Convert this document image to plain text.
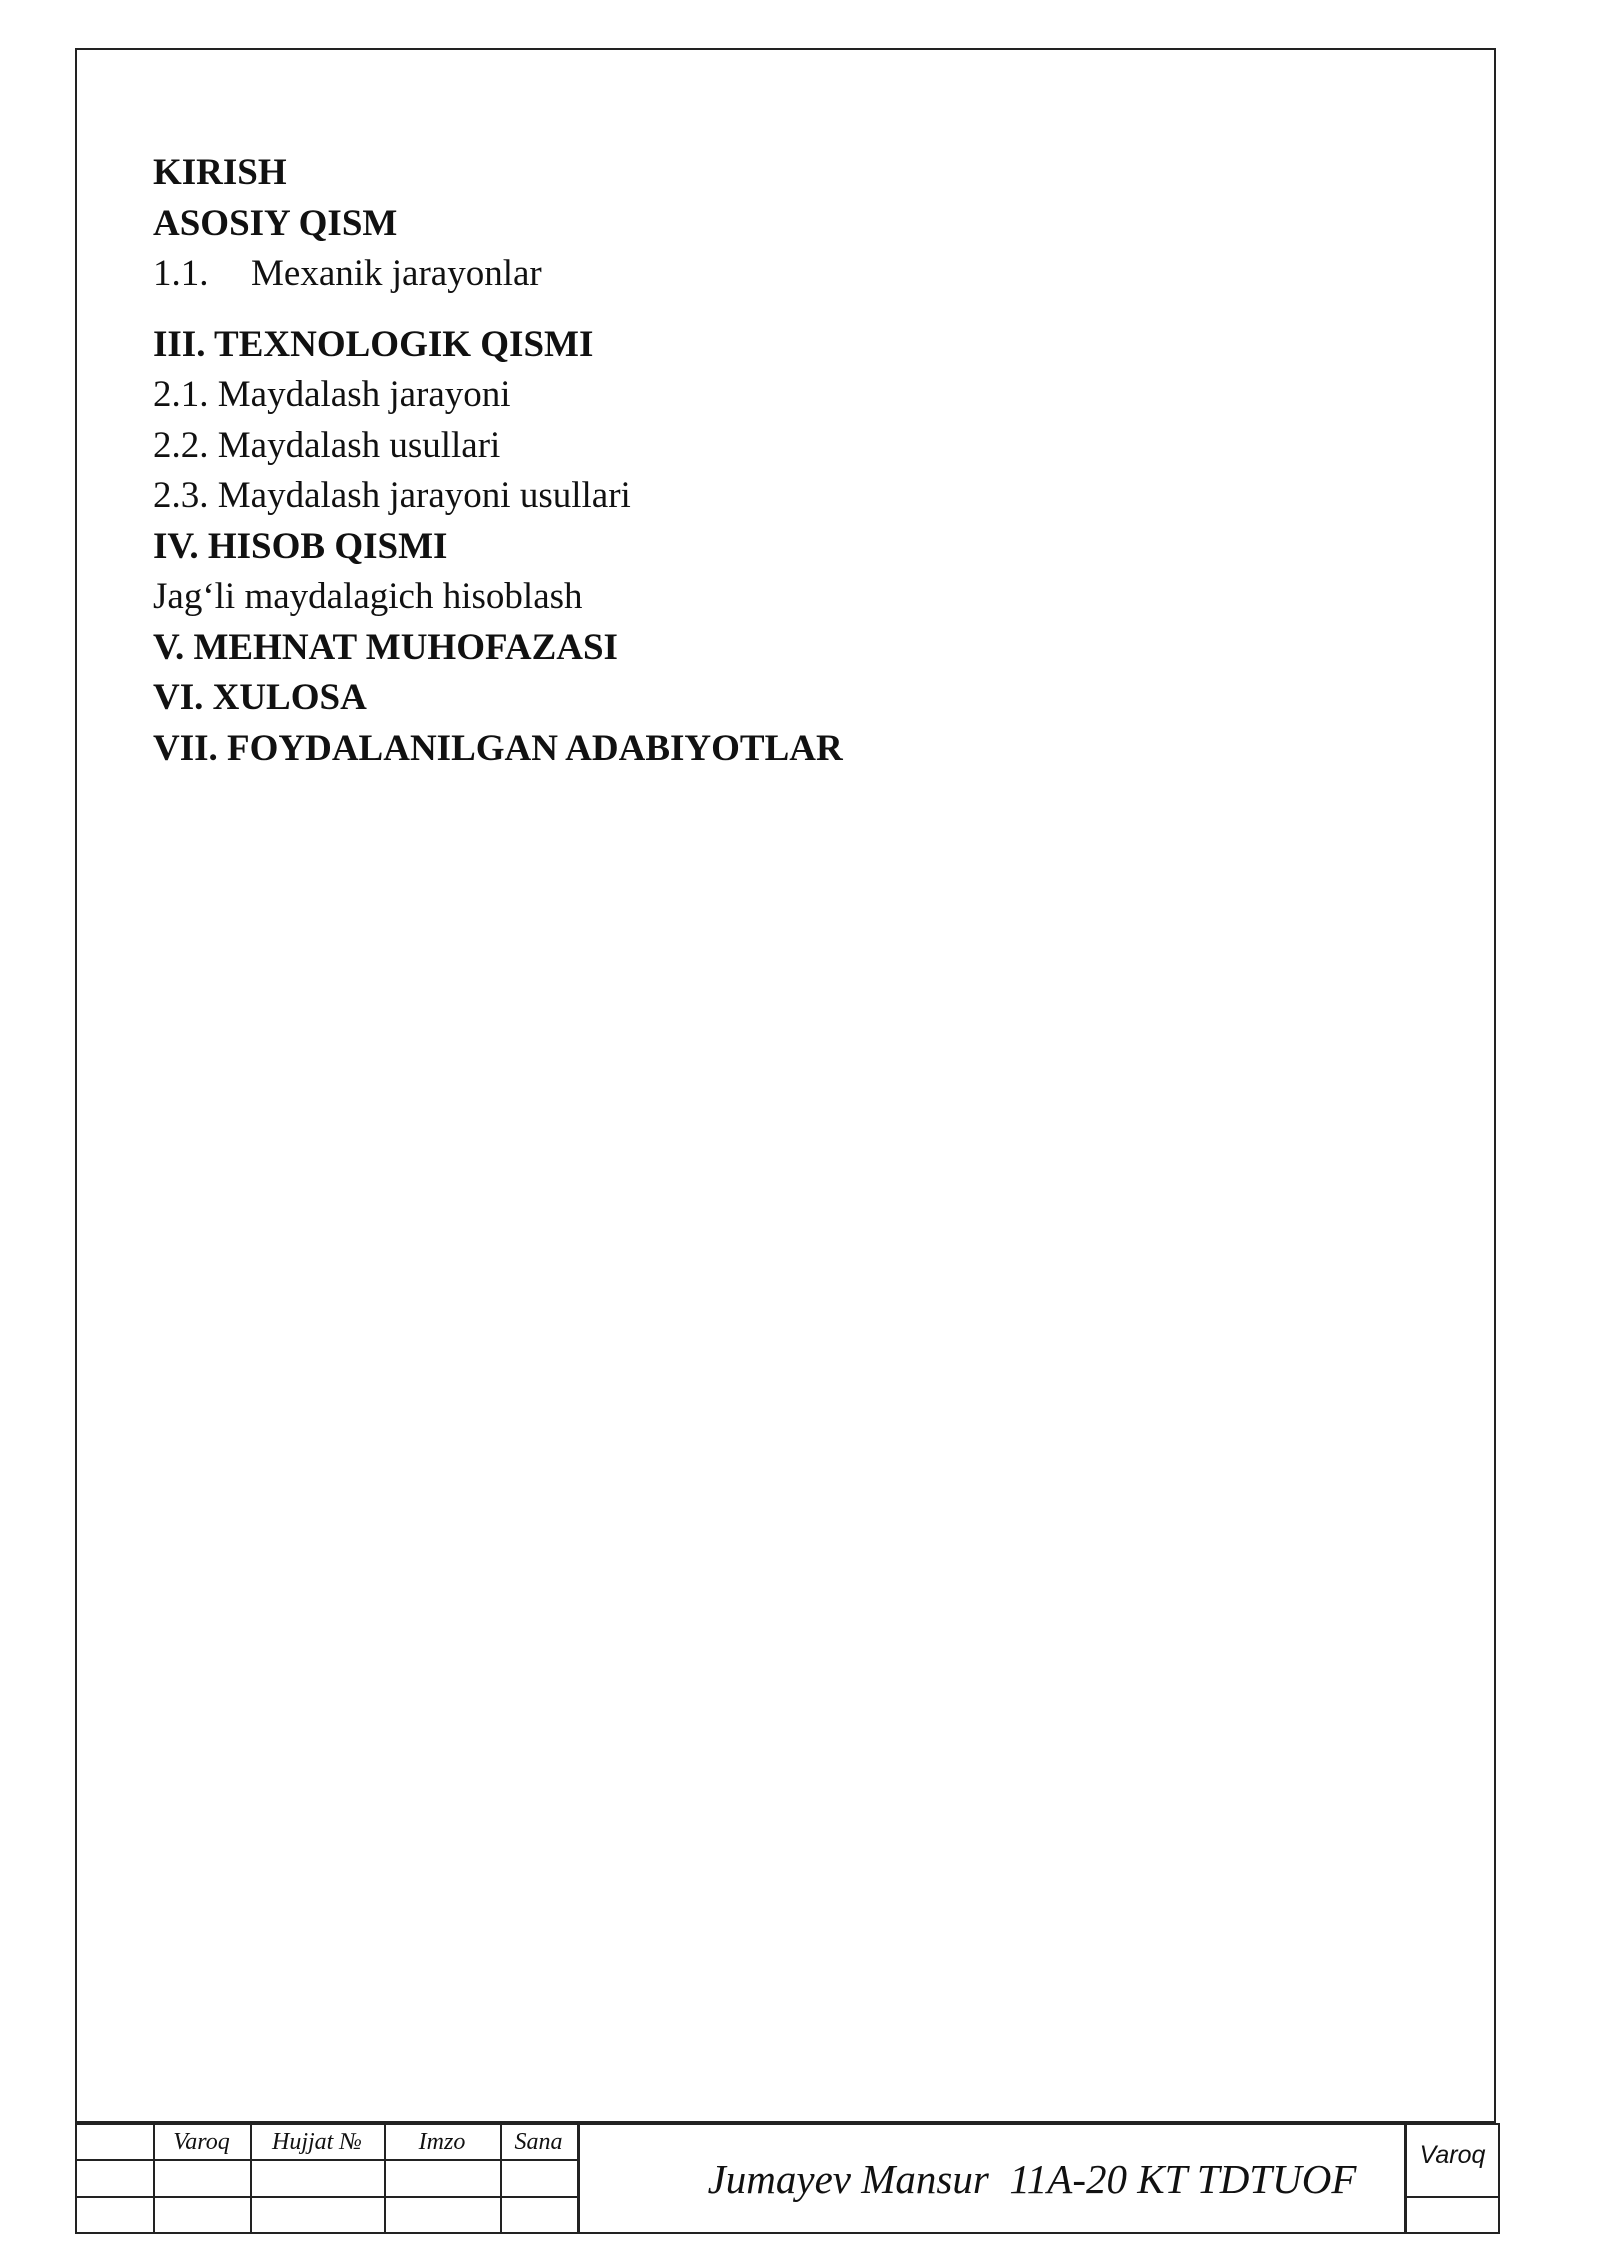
KIRISH
ASOSIY QISM
1.1. Mexanik jarayonlar
III. TEXNOLOGIK QISMI
2.1. Maydalash jarayoni
2.2. Maydalash usullari
2.3. Maydalash jarayoni usullari
IV. HISOB QISMI
Jag‘li maydalagich hisoblash
V. MEHNAT MUHOFAZASI
VI. XULOSA
VII. FOYDALANILGAN ADABIYOTLAR
Varoq	Hujjat №	Imzo	Sana
Jumayev Mansur  11A-20 KT TDTUOF
Varoq
